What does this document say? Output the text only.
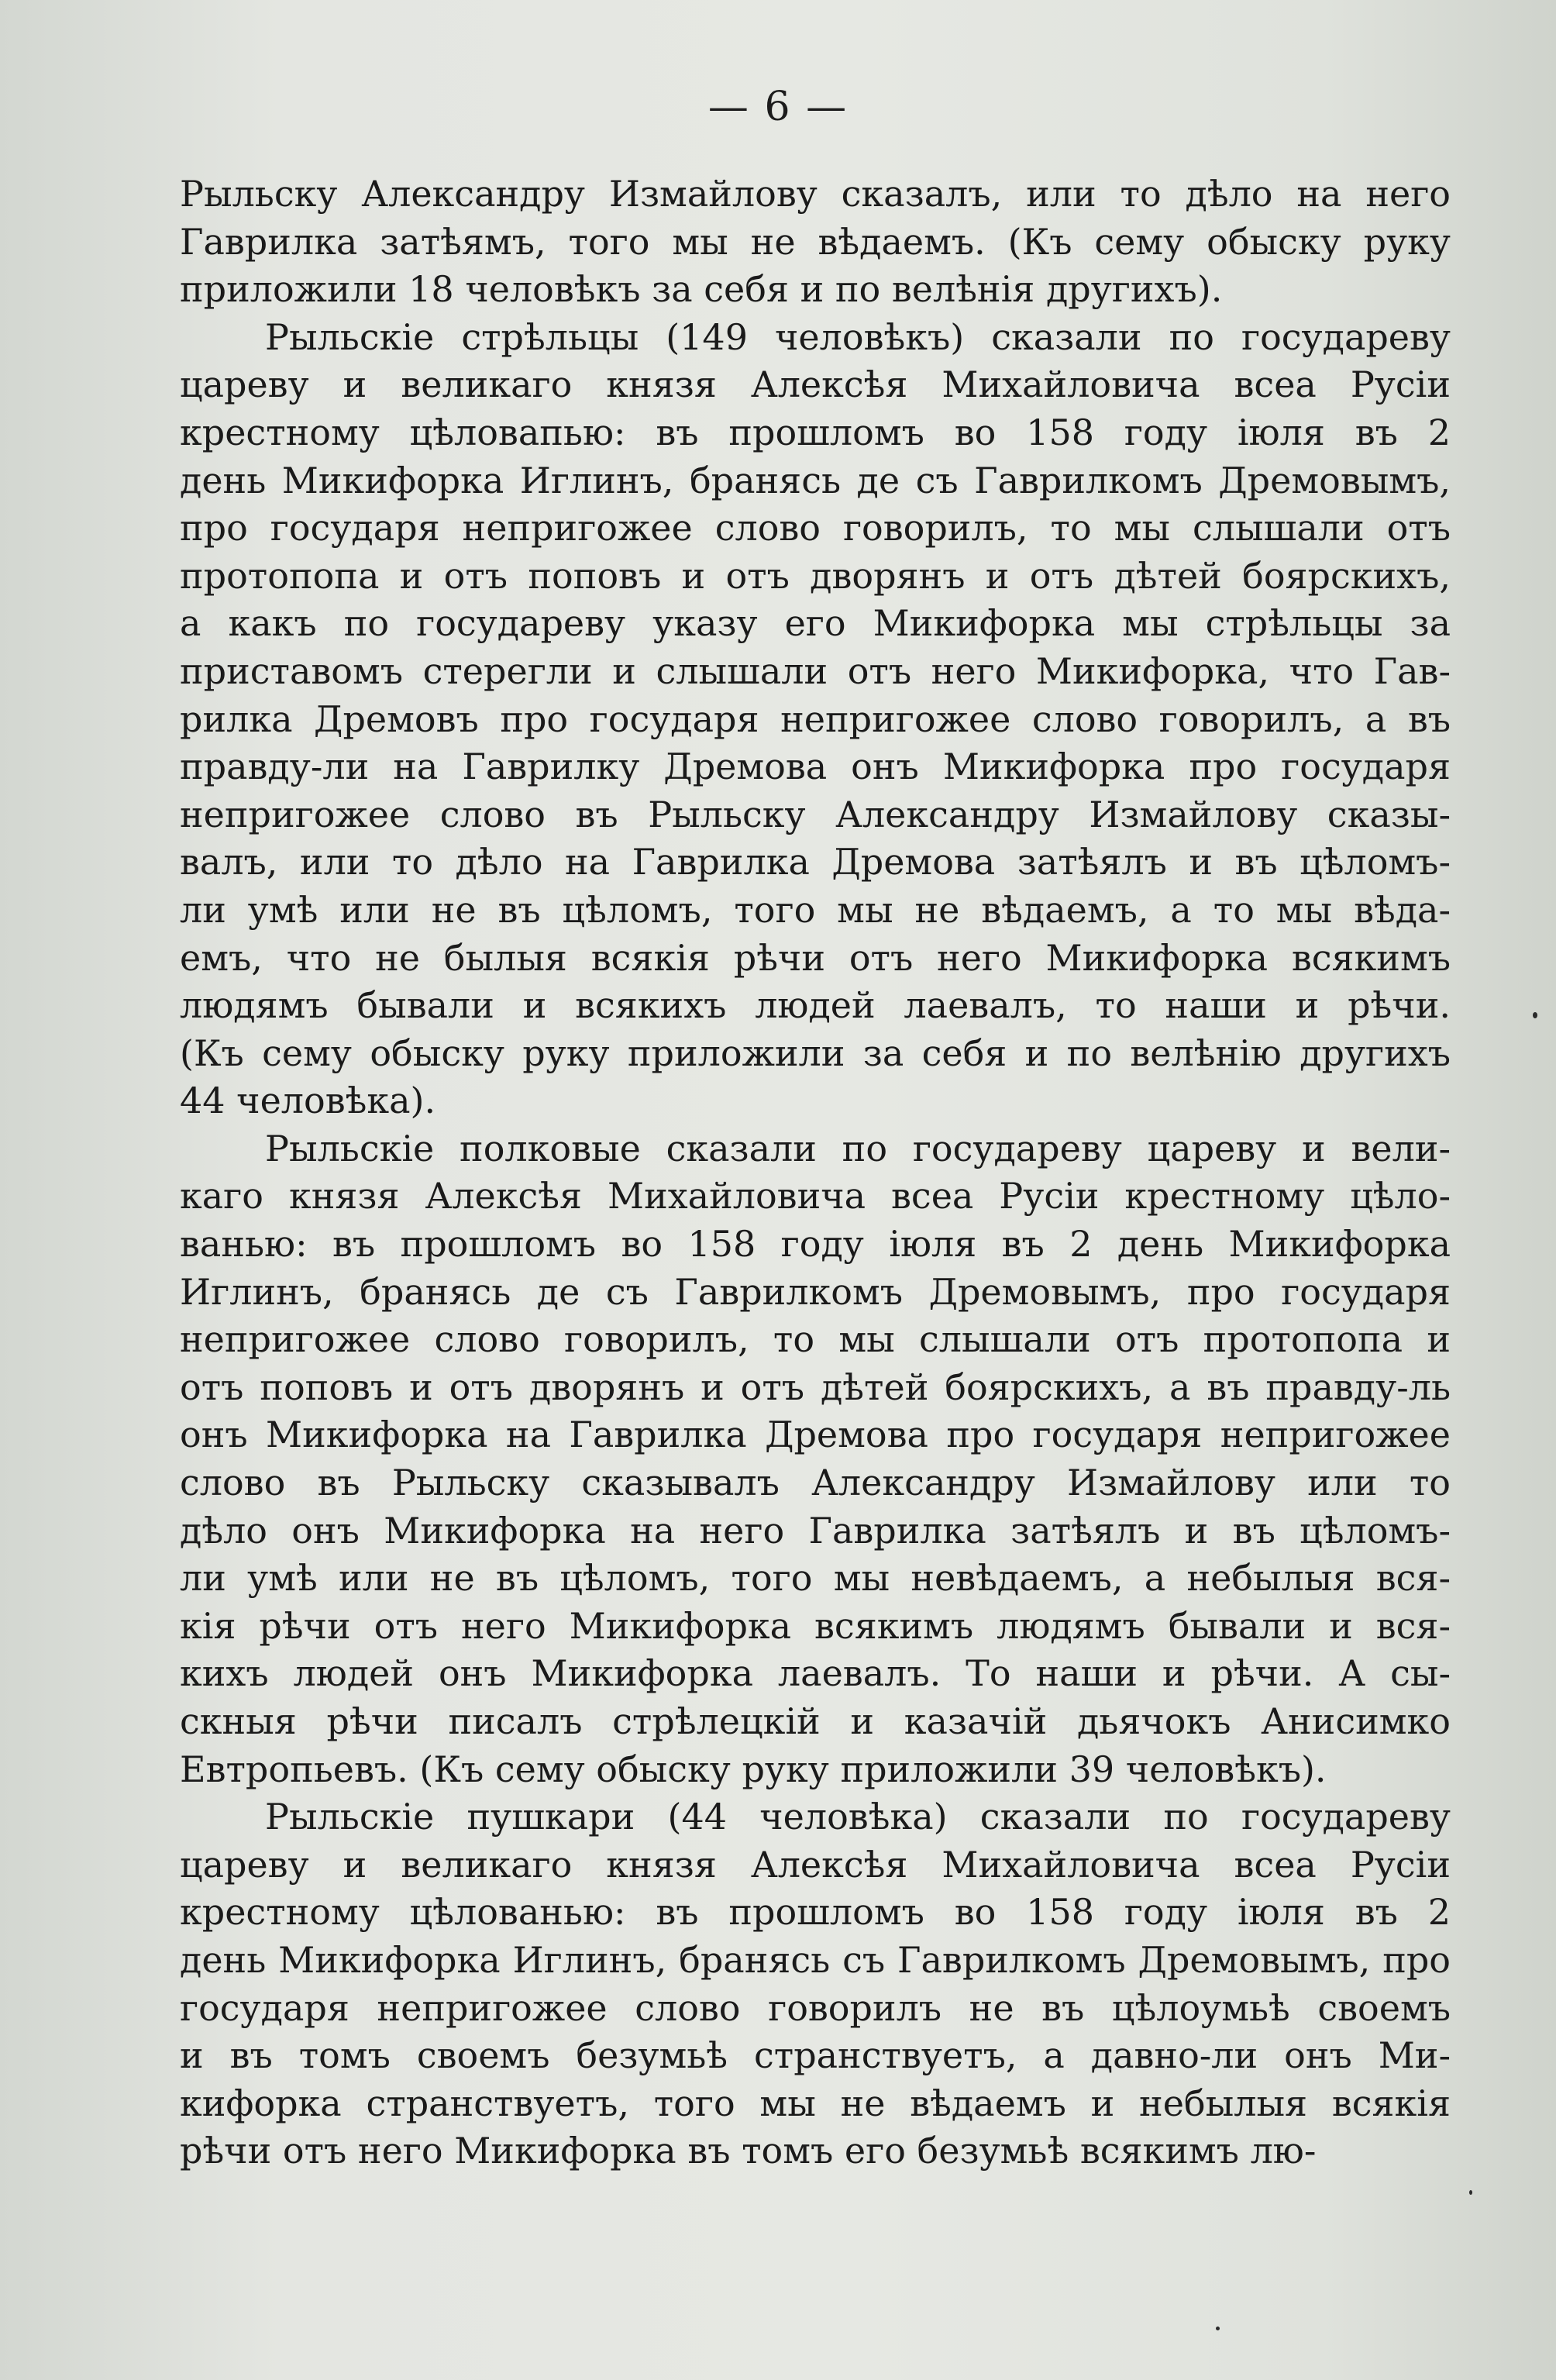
— 6 —
Рыльску Александру Измайлову сказалъ, или то дѣло на него
Гаврилка затѣямъ, того мы не вѣдаемъ. (Къ сему обыску руку
приложили 18 человѣкъ за себя и по велѣнія другихъ).
Рыльскіе стрѣльцы (149 человѣкъ) сказали по государеву
цареву и великаго князя Алексѣя Михайловича всеа Русіи
крестному цѣловапью: въ прошломъ во 158 году іюля въ 2
день Микифорка Иглинъ, бранясь де съ Гаврилкомъ Дремовымъ,
про государя непригожее слово говорилъ, то мы слышали отъ
протопопа и отъ поповъ и отъ дворянъ и отъ дѣтей боярскихъ,
а какъ по государеву указу его Микифорка мы стрѣльцы за
приставомъ стерегли и слышали отъ него Микифорка, что Гав-
рилка Дремовъ про государя непригожее слово говорилъ, а въ
правду-ли на Гаврилку Дремова онъ Микифорка про государя
непригожее слово въ Рыльску Александру Измайлову сказы-
валъ, или то дѣло на Гаврилка Дремова затѣялъ и въ цѣломъ-
ли умѣ или не въ цѣломъ, того мы не вѣдаемъ, а то мы вѣда-
емъ, что не былыя всякія рѣчи отъ него Микифорка всякимъ
людямъ бывали и всякихъ людей лаевалъ, то наши и рѣчи.
(Къ сему обыску руку приложили за себя и по велѣнію другихъ
44 человѣка).
Рыльскіе полковые сказали по государеву цареву и вели-
каго князя Алексѣя Михайловича всеа Русіи крестному цѣло-
ванью: въ прошломъ во 158 году іюля въ 2 день Микифорка
Иглинъ, бранясь де съ Гаврилкомъ Дремовымъ, про государя
непригожее слово говорилъ, то мы слышали отъ протопопа и
отъ поповъ и отъ дворянъ и отъ дѣтей боярскихъ, а въ правду-ль
онъ Микифорка на Гаврилка Дремова про государя непригожее
слово въ Рыльску сказывалъ Александру Измайлову или то
дѣло онъ Микифорка на него Гаврилка затѣялъ и въ цѣломъ-
ли умѣ или не въ цѣломъ, того мы невѣдаемъ, а небылыя вся-
кія рѣчи отъ него Микифорка всякимъ людямъ бывали и вся-
кихъ людей онъ Микифорка лаевалъ. То наши и рѣчи. А сы-
скныя рѣчи писалъ стрѣлецкій и казачій дьячокъ Анисимко
Евтропьевъ. (Къ сему обыску руку приложили 39 человѣкъ).
Рыльскіе пушкари (44 человѣка) сказали по государеву
цареву и великаго князя Алексѣя Михайловича всеа Русіи
крестному цѣлованью: въ прошломъ во 158 году іюля въ 2
день Микифорка Иглинъ, бранясь съ Гаврилкомъ Дремовымъ, про
государя непригожее слово говорилъ не въ цѣлоумьѣ своемъ
и въ томъ своемъ безумьѣ странствуетъ, а давно-ли онъ Ми-
кифорка странствуетъ, того мы не вѣдаемъ и небылыя всякія
рѣчи отъ него Микифорка въ томъ его безумьѣ всякимъ лю-
